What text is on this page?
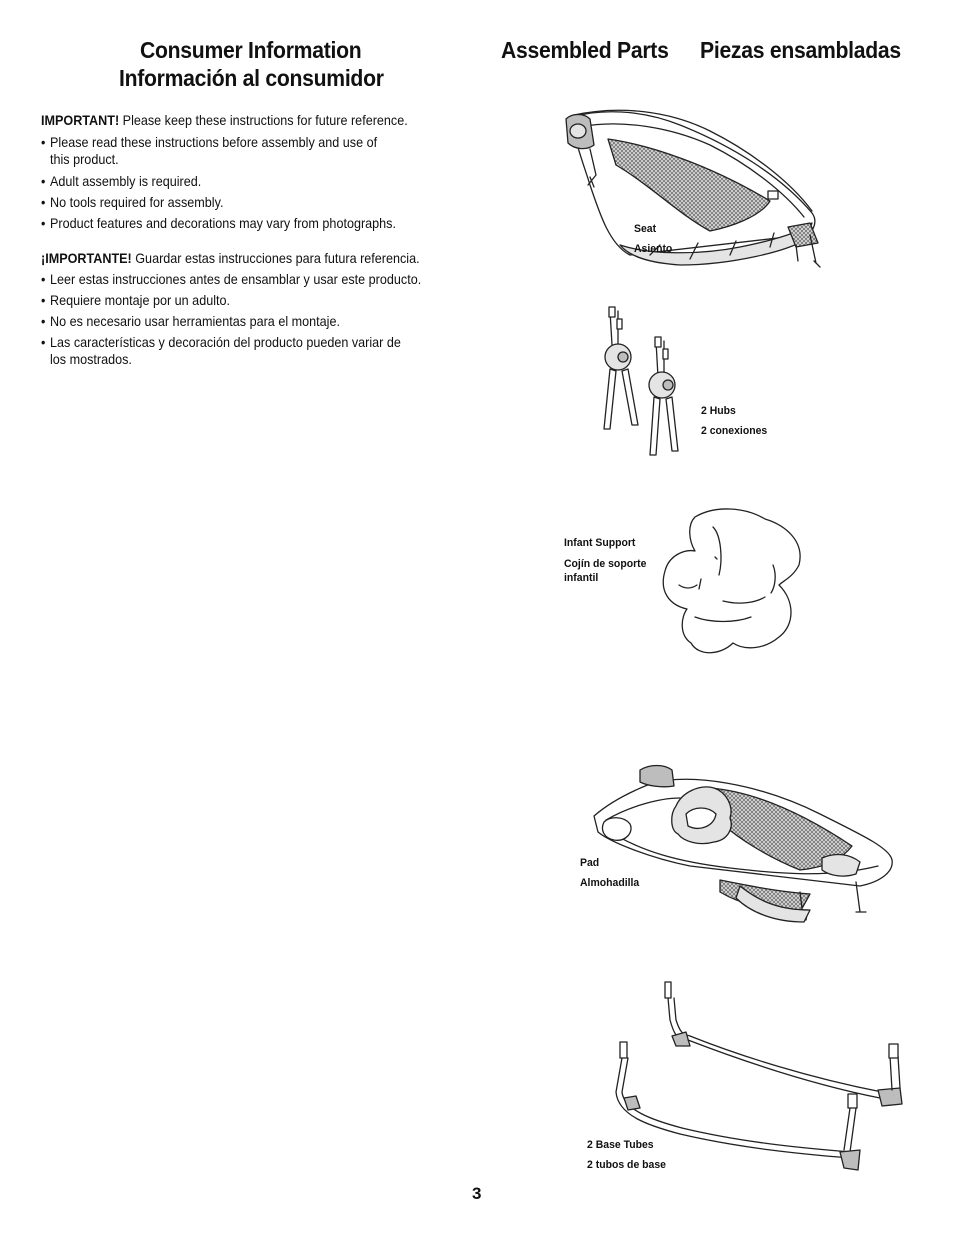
Consumer Information
Información al consumidor
Assembled Parts Piezas ensambladas

IMPORTANT! Please keep these instructions for future reference.

• Please read these instructions before assembly and use of
this product.

• Adult assembly is required.

• No tools required for assembly.

• Product features and decorations may vary from photographs.

¡IMPORTANTE! Guardar estas instrucciones para futura referencia.

• Leer estas instrucciones antes de ensamblar y usar este producto.

• Requiere montaje por un adulto.

• No es necesario usar herramientas para el montaje.

• Las características y decoración del producto pueden variar de
los mostrados.

Seat
Asiento
2 Hubs
2 conexiones
Infant Support
Cojín de soporte
infantil
Pad
Almohadilla
2 Base Tubes
2 tubos de base
3
